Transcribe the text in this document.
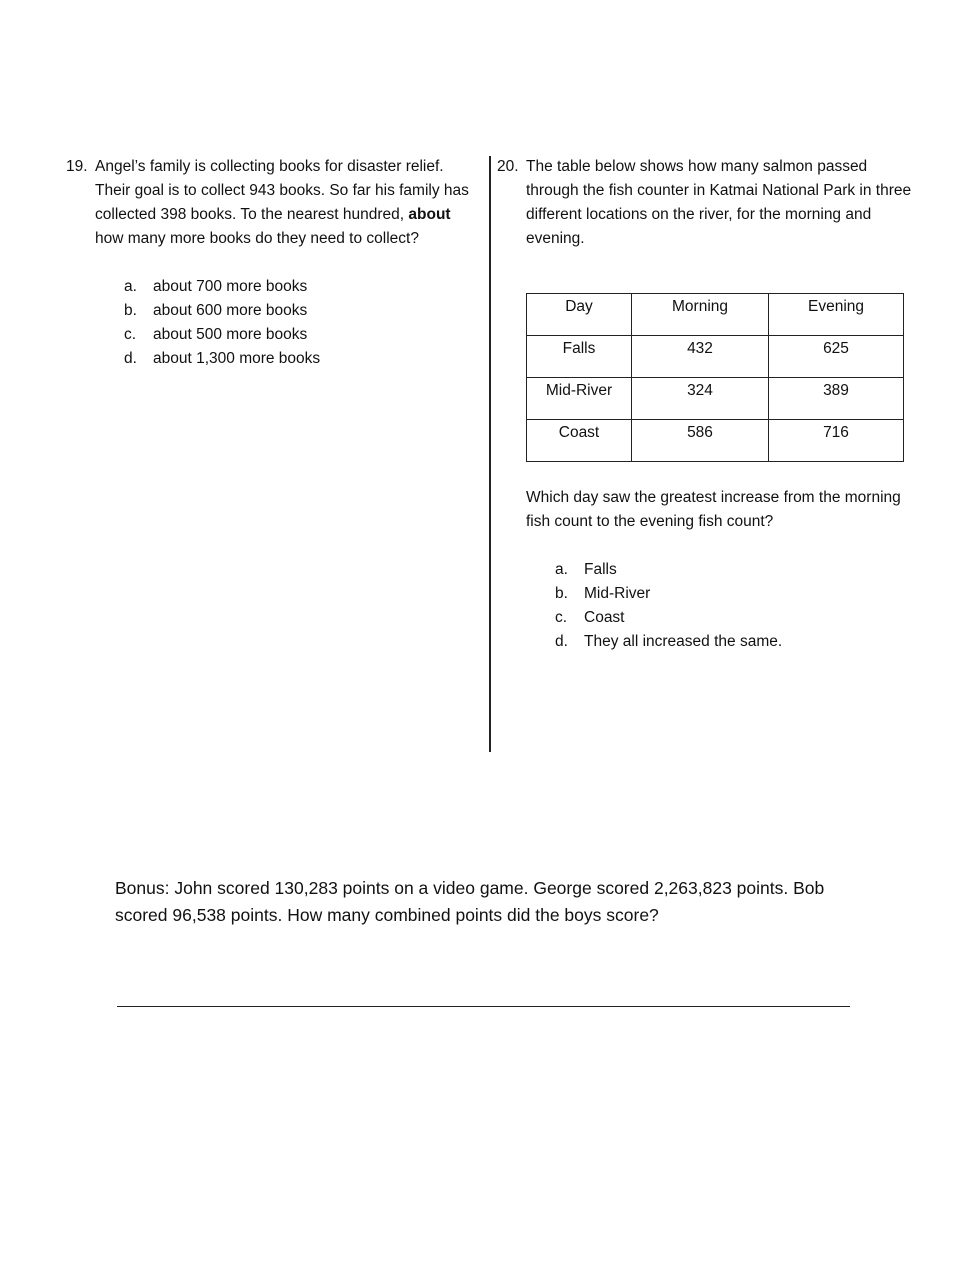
19. Angel’s family is collecting books for disaster relief. Their goal is to collect 943 books. So far his family has collected 398 books. To the nearest hundred, about how many more books do they need to collect?

a.	about 700 more books
b.	about 600 more books
c.	about 500 more books
d.	about 1,300 more books
20. The table below shows how many salmon passed through the fish counter in Katmai National Park in three different locations on the river, for the morning and evening.

Day	Morning	Evening
Falls	432	625
Mid-River	324	389
Coast	586	716

Which day saw the greatest increase from the morning fish count to the evening fish count?

a.	Falls
b.	Mid-River
c.	Coast
d.	They all increased the same.

Bonus: John scored 130,283 points on a video game. George scored 2,263,823 points. Bob scored 96,538 points. How many combined points did the boys score?
